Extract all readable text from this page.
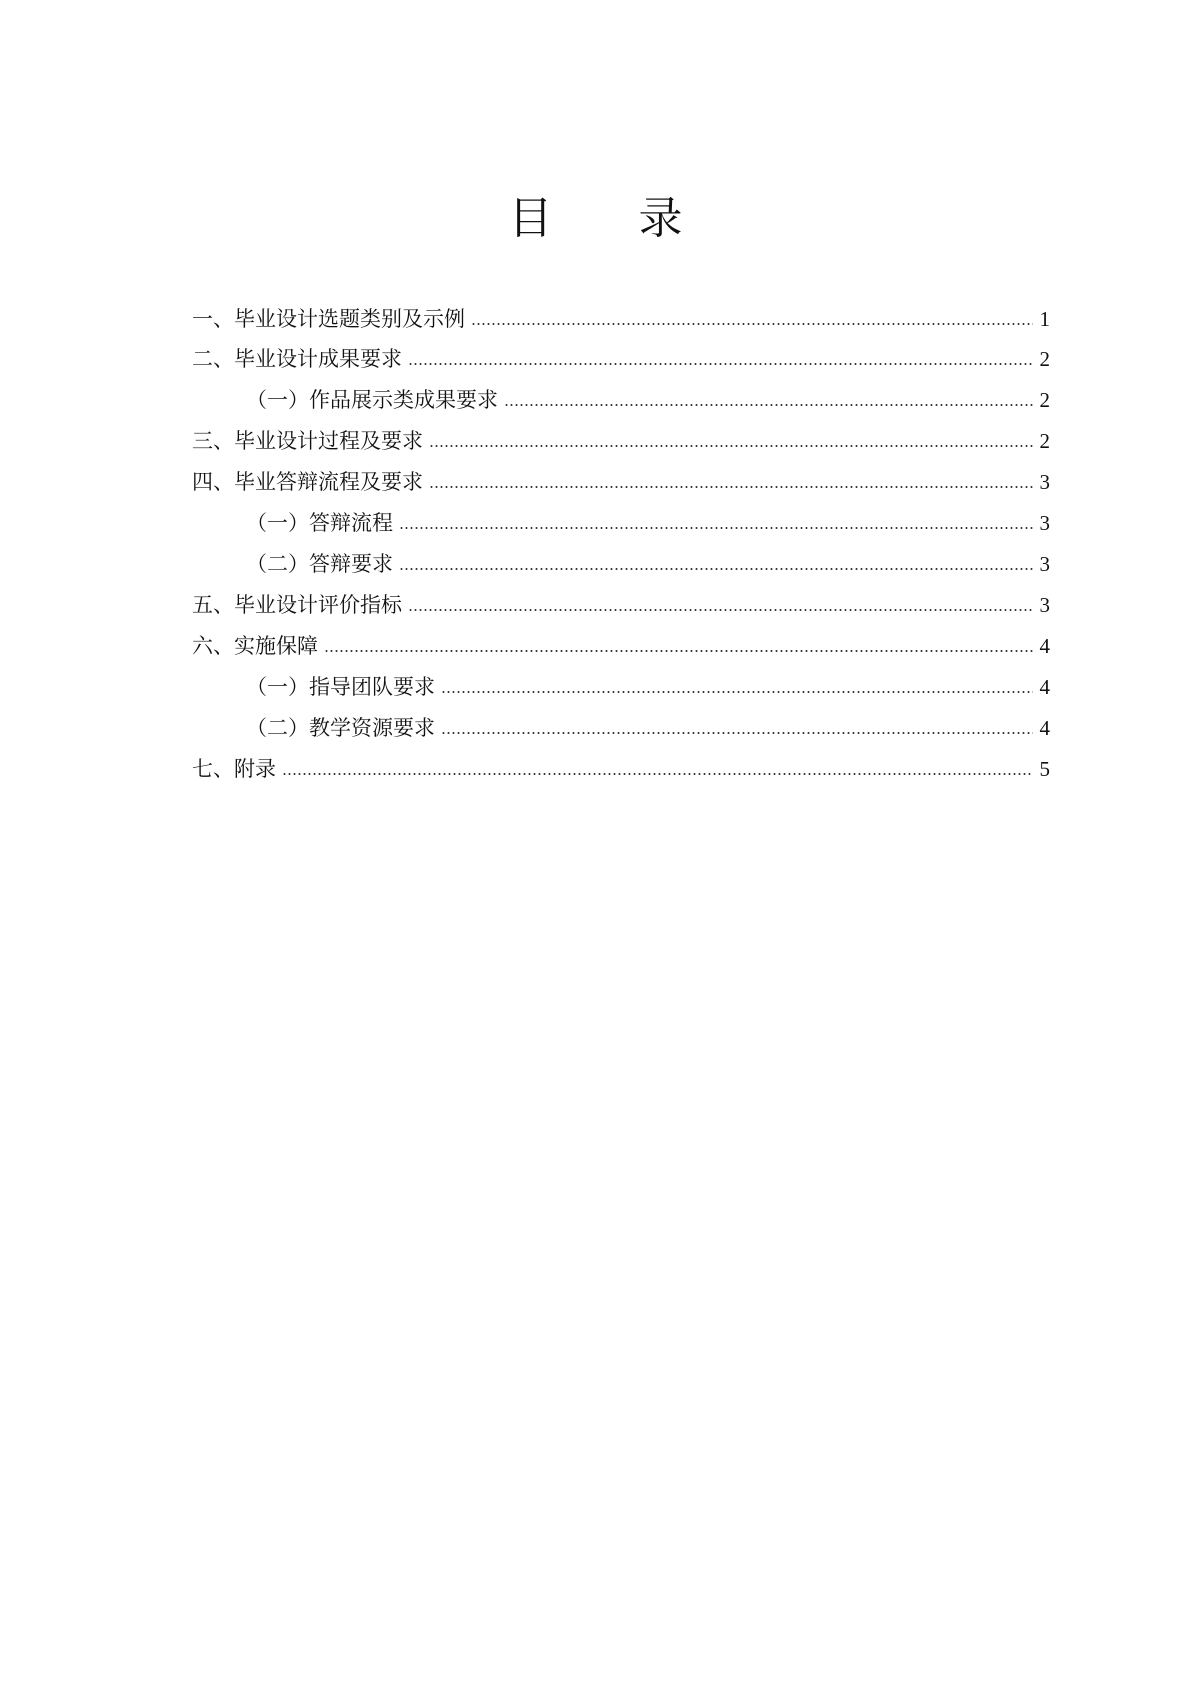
目 录
一、毕业设计选题类别及示例	1
二、毕业设计成果要求	2
（一）作品展示类成果要求	2
三、毕业设计过程及要求	2
四、毕业答辩流程及要求	3
（一）答辩流程	3
（二）答辩要求	3
五、毕业设计评价指标	3
六、实施保障	4
（一）指导团队要求	4
（二）教学资源要求	4
七、附录	5
